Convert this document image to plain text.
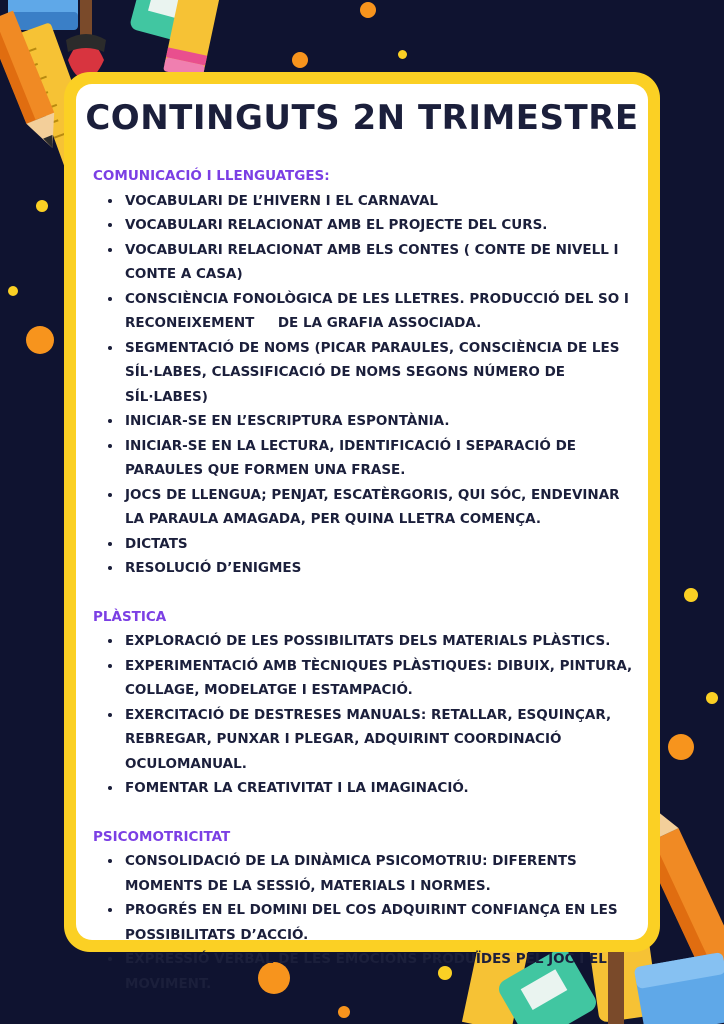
CONTINGUTS 2N TRIMESTRE
COMUNICACIÓ I LLENGUATGES:
• VOCABULARI DE L’HIVERN I EL CARNAVAL
• VOCABULARI RELACIONAT AMB EL PROJECTE DEL CURS.
• VOCABULARI RELACIONAT AMB ELS CONTES ( CONTE DE NIVELL I CONTE A CASA)
• CONSCIÈNCIA FONOLÒGICA DE LES LLETRES. PRODUCCIÓ DEL SO I RECONEIXEMENT     DE LA GRAFIA ASSOCIADA.
• SEGMENTACIÓ DE NOMS (PICAR PARAULES, CONSCIÈNCIA DE LES SÍL·LABES, CLASSIFICACIÓ DE NOMS SEGONS NÚMERO DE SÍL·LABES)
• INICIAR-SE EN L’ESCRIPTURA ESPONTÀNIA.
• INICIAR-SE EN LA LECTURA, IDENTIFICACIÓ I SEPARACIÓ DE PARAULES QUE FORMEN UNA FRASE.
• JOCS DE LLENGUA; PENJAT, ESCATÈRGORIS, QUI SÓC, ENDEVINAR LA PARAULA AMAGADA, PER QUINA LLETRA COMENÇA.
• DICTATS
• RESOLUCIÓ D’ENIGMES
PLÀSTICA
• EXPLORACIÓ DE LES POSSIBILITATS DELS MATERIALS PLÀSTICS.
• EXPERIMENTACIÓ AMB TÈCNIQUES PLÀSTIQUES: DIBUIX, PINTURA, COLLAGE, MODELATGE I ESTAMPACIÓ.
• EXERCITACIÓ DE DESTRESES MANUALS: RETALLAR, ESQUINÇAR, REBREGAR, PUNXAR I PLEGAR, ADQUIRINT COORDINACIÓ OCULOMANUAL.
• FOMENTAR LA CREATIVITAT I LA IMAGINACIÓ.
PSICOMOTRICITAT
• CONSOLIDACIÓ DE LA DINÀMICA PSICOMOTRIU: DIFERENTS MOMENTS DE LA SESSIÓ, MATERIALS I NORMES.
• PROGRÉS EN EL DOMINI DEL COS ADQUIRINT CONFIANÇA EN LES POSSIBILITATS D’ACCIÓ.
• EXPRESSIÓ VERBAL DE LES EMOCIONS PRODUÏDES PEL JOC I EL MOVIMENT.
